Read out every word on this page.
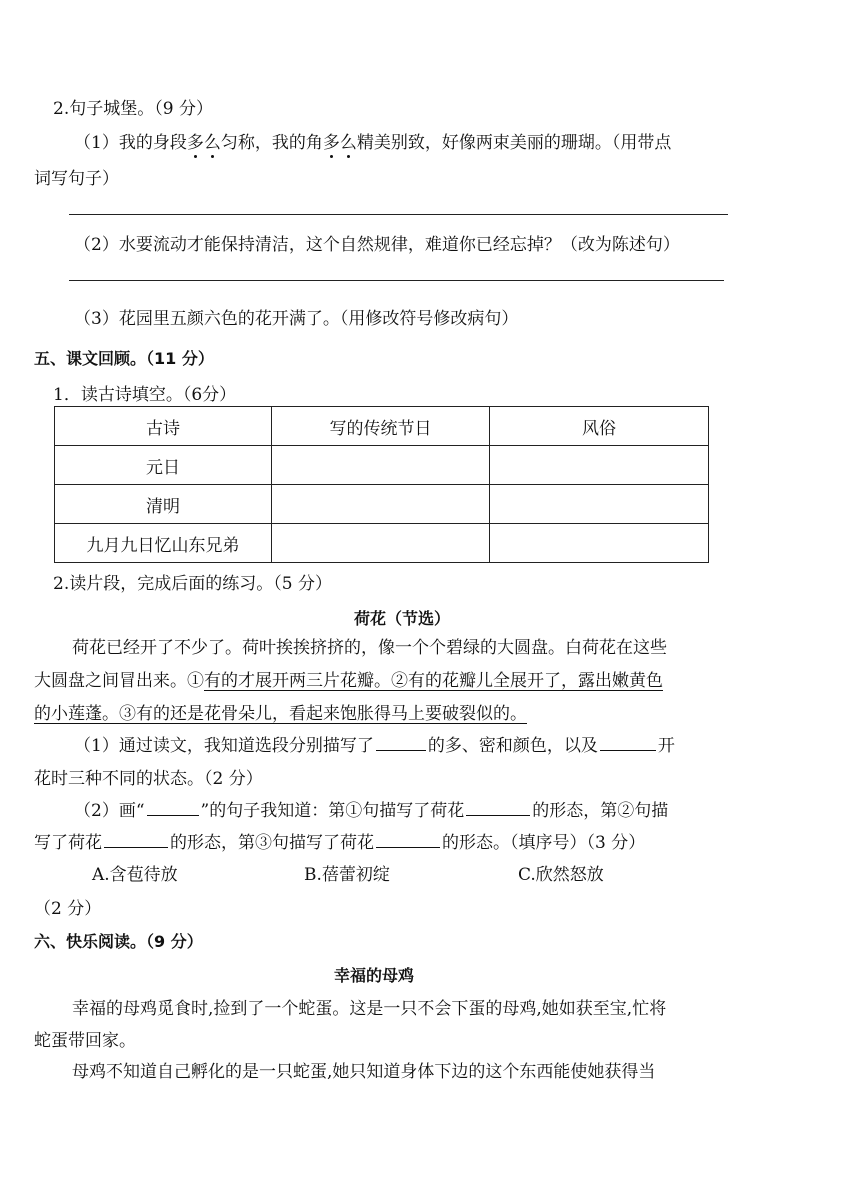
2.句子城堡。（9 分）
（1）我的身段多么匀称，我的角多么精美别致，好像两束美丽的珊瑚。（用带点
词写句子）
（2）水要流动才能保持清洁，这个自然规律，难道你已经忘掉？（改为陈述句）
（3）花园里五颜六色的花开满了。（用修改符号修改病句）
五、课文回顾。（11 分）
1．读古诗填空。（6分）
古诗	写的传统节日	风俗
元日		
清明		
九月九日忆山东兄弟		
2.读片段，完成后面的练习。（5 分）
荷花（节选）
荷花已经开了不少了。荷叶挨挨挤挤的，像一个个碧绿的大圆盘。白荷花在这些
大圆盘之间冒出来。①有的才展开两三片花瓣。②有的花瓣儿全展开了，露出嫩黄色
的小莲蓬。③有的还是花骨朵儿，看起来饱胀得马上要破裂似的。
（1）通过读文，我知道选段分别描写了	的多、密和颜色，以及	开
花时三种不同的状态。（2 分）
（2）画“	”的句子我知道：第①句描写了荷花	的形态，第②句描
写了荷花	的形态，第③句描写了荷花	的形态。（填序号）（3 分）
A.含苞待放	B.蓓蕾初绽	C.欣然怒放
（2 分）
六、快乐阅读。（9 分）
幸福的母鸡
幸福的母鸡觅食时,捡到了一个蛇蛋。这是一只不会下蛋的母鸡,她如获至宝,忙将
蛇蛋带回家。
母鸡不知道自己孵化的是一只蛇蛋,她只知道身体下边的这个东西能使她获得当
